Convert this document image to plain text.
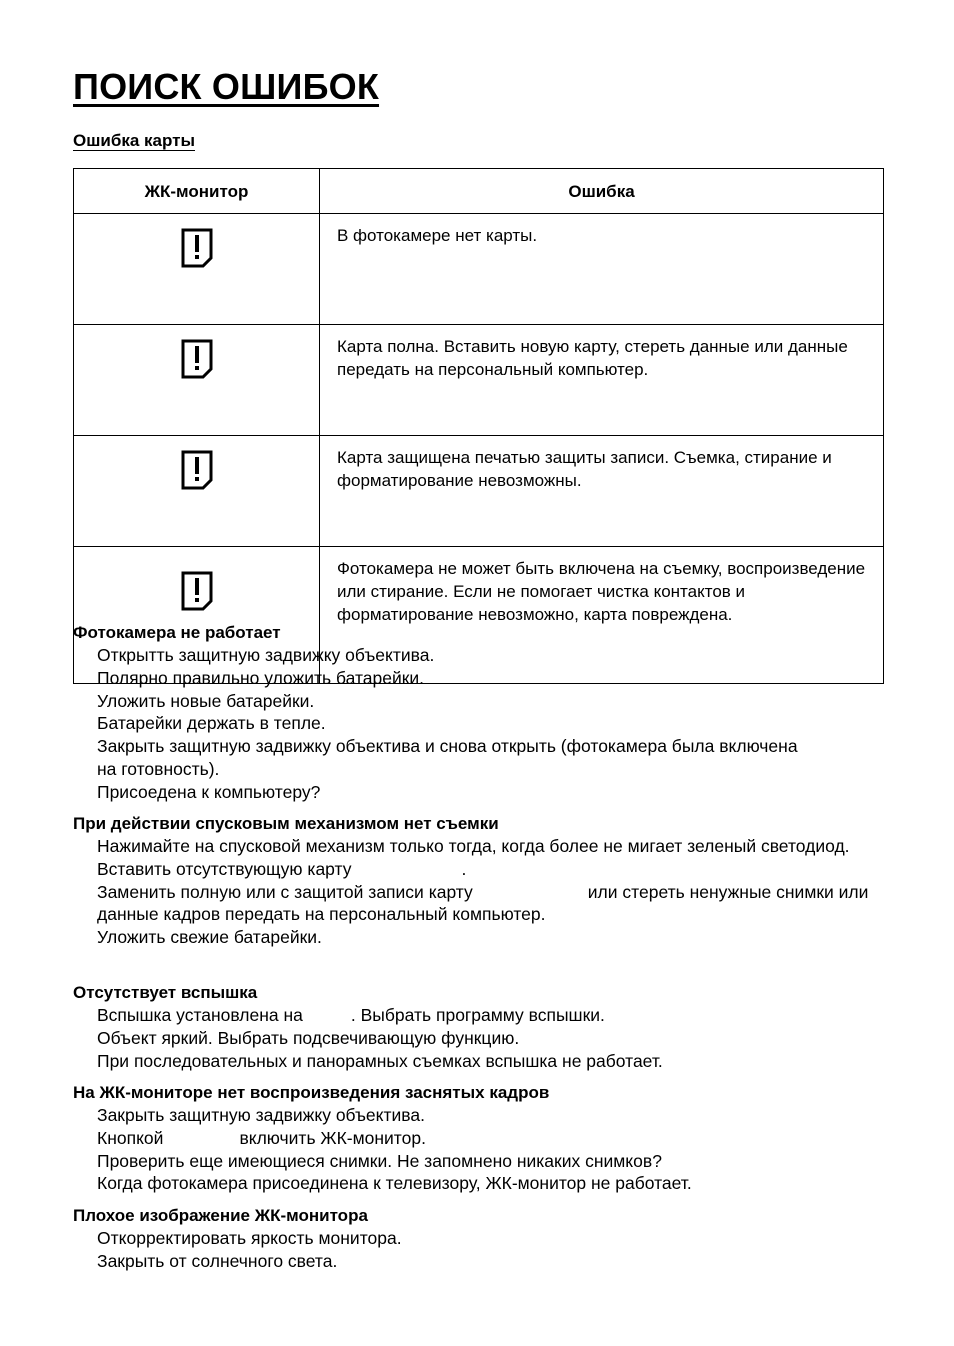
ПОИСК ОШИБОК
Ошибка карты
ЖК-монитор	Ошибка
	В фотокамере нет карты.
	Карта полна. Вставить новую карту, стереть данные или данные передать на персональный компьютер.
	Карта защищена печатью защиты записи. Съемка, стирание и форматирование невозможны.
	Фотокамера не может быть включена на съемку, воспроизведение или стирание. Если не помогает чистка контактов и форматирование невозможно, карта повреждена.
Фотокамера не работает
Открытть защитную задвижку объектива.
Полярно правильно уложить батарейки.
Уложить новые батарейки.
Батарейки держать в тепле.
Закрыть защитную задвижку объектива и снова открыть (фотокамера была включена на готовность).
Присоедена к компьютеру?
При действии спусковым механизмом нет съемки
Нажимайте на спусковой механизм только тогда, когда более не мигает зеленый светодиод.
Вставить отсутствующую карту	.
Заменить полную или с защитой записи карту	или стереть ненужные снимки или данные кадров передать на персональный компьютер.
Уложить свежие батарейки.
Отсутствует вспышка
Вспышка установлена на	. Выбрать программу вспышки.
Объект яркий. Выбрать подсвечивающую функцию.
При последовательных и панорамных съемках вспышка не работает.
На ЖК-мониторе нет воспроизведения заснятых кадров
Закрыть защитную задвижку объектива.
Кнопкой	включить ЖК-монитор.
Проверить еще имеющиеся снимки. Не запомнено никаких снимков?
Когда фотокамера присоединена к телевизору, ЖК-монитор не работает.
Плохое изображение ЖК-монитора
Откорректировать яркость монитора.
Закрыть от солнечного света.
